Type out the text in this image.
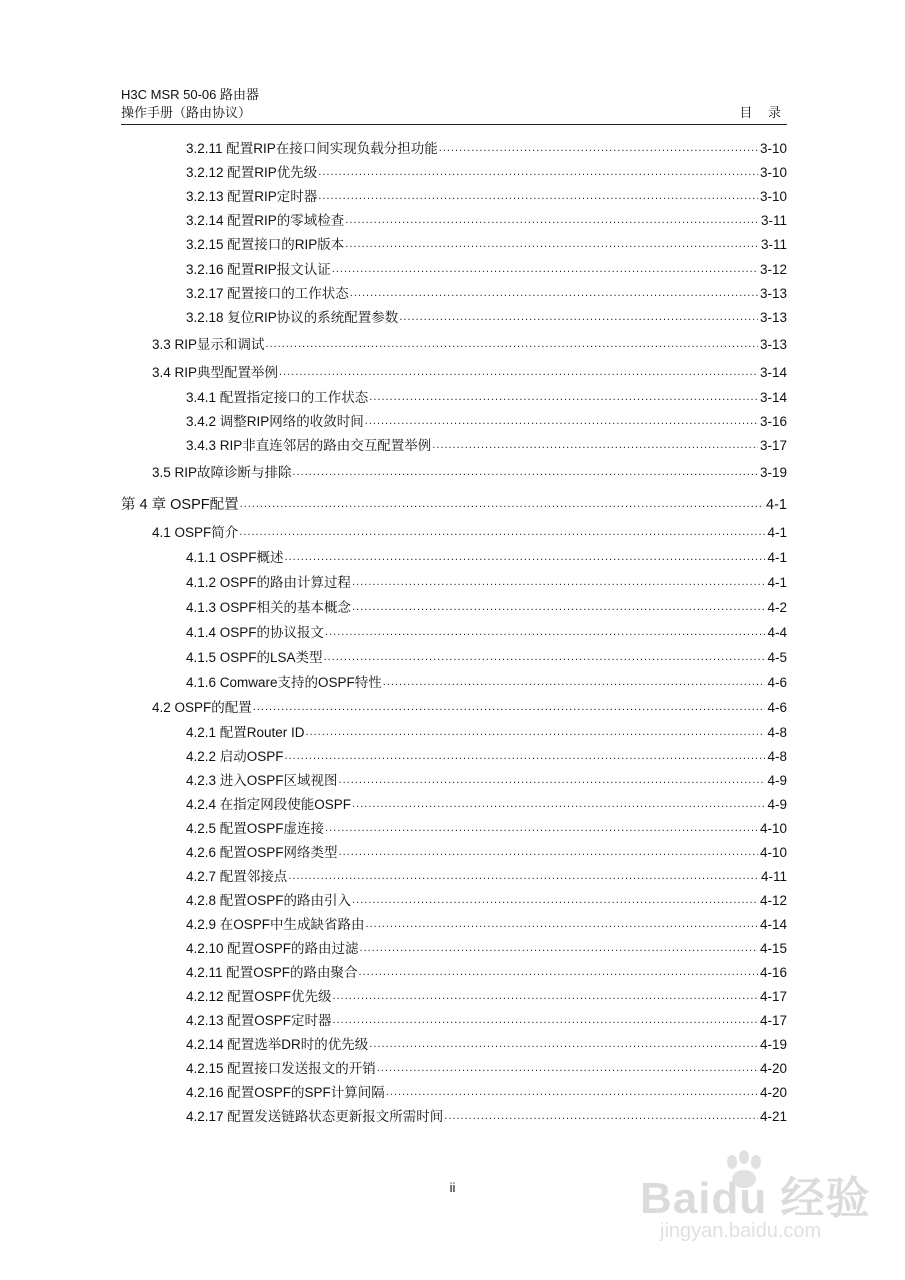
H3C MSR 50-06 路由器
操作手册（路由协议）	目 录
3.2.11 配置RIP在接口间实现负载分担功能 .....	3-10
3.2.12 配置RIP优先级 .....	3-10
3.2.13 配置RIP定时器 .....	3-10
3.2.14 配置RIP的零域检查 .....	3-11
3.2.15 配置接口的RIP版本 .....	3-11
3.2.16 配置RIP报文认证 .....	3-12
3.2.17 配置接口的工作状态 .....	3-13
3.2.18 复位RIP协议的系统配置参数 .....	3-13
3.3 RIP显示和调试 .....	3-13
3.4 RIP典型配置举例 .....	3-14
3.4.1 配置指定接口的工作状态 .....	3-14
3.4.2 调整RIP网络的收敛时间 .....	3-16
3.4.3 RIP非直连邻居的路由交互配置举例 .....	3-17
3.5 RIP故障诊断与排除 .....	3-19
第 4 章 OSPF配置 .....	4-1
4.1 OSPF简介 .....	4-1
4.1.1 OSPF概述 .....	4-1
4.1.2 OSPF的路由计算过程 .....	4-1
4.1.3 OSPF相关的基本概念 .....	4-2
4.1.4 OSPF的协议报文 .....	4-4
4.1.5 OSPF的LSA类型 .....	4-5
4.1.6 Comware支持的OSPF特性 .....	4-6
4.2 OSPF的配置 .....	4-6
4.2.1 配置Router ID .....	4-8
4.2.2 启动OSPF .....	4-8
4.2.3 进入OSPF区域视图 .....	4-9
4.2.4 在指定网段使能OSPF .....	4-9
4.2.5 配置OSPF虚连接 .....	4-10
4.2.6 配置OSPF网络类型 .....	4-10
4.2.7 配置邻接点 .....	4-11
4.2.8 配置OSPF的路由引入 .....	4-12
4.2.9 在OSPF中生成缺省路由 .....	4-14
4.2.10 配置OSPF的路由过滤 .....	4-15
4.2.11 配置OSPF的路由聚合 .....	4-16
4.2.12 配置OSPF优先级 .....	4-17
4.2.13 配置OSPF定时器 .....	4-17
4.2.14 配置选举DR时的优先级 .....	4-19
4.2.15 配置接口发送报文的开销 .....	4-20
4.2.16 配置OSPF的SPF计算间隔 .....	4-20
4.2.17 配置发送链路状态更新报文所需时间 .....	4-21
ii	Baidu 经验
jingyan.baidu.com
